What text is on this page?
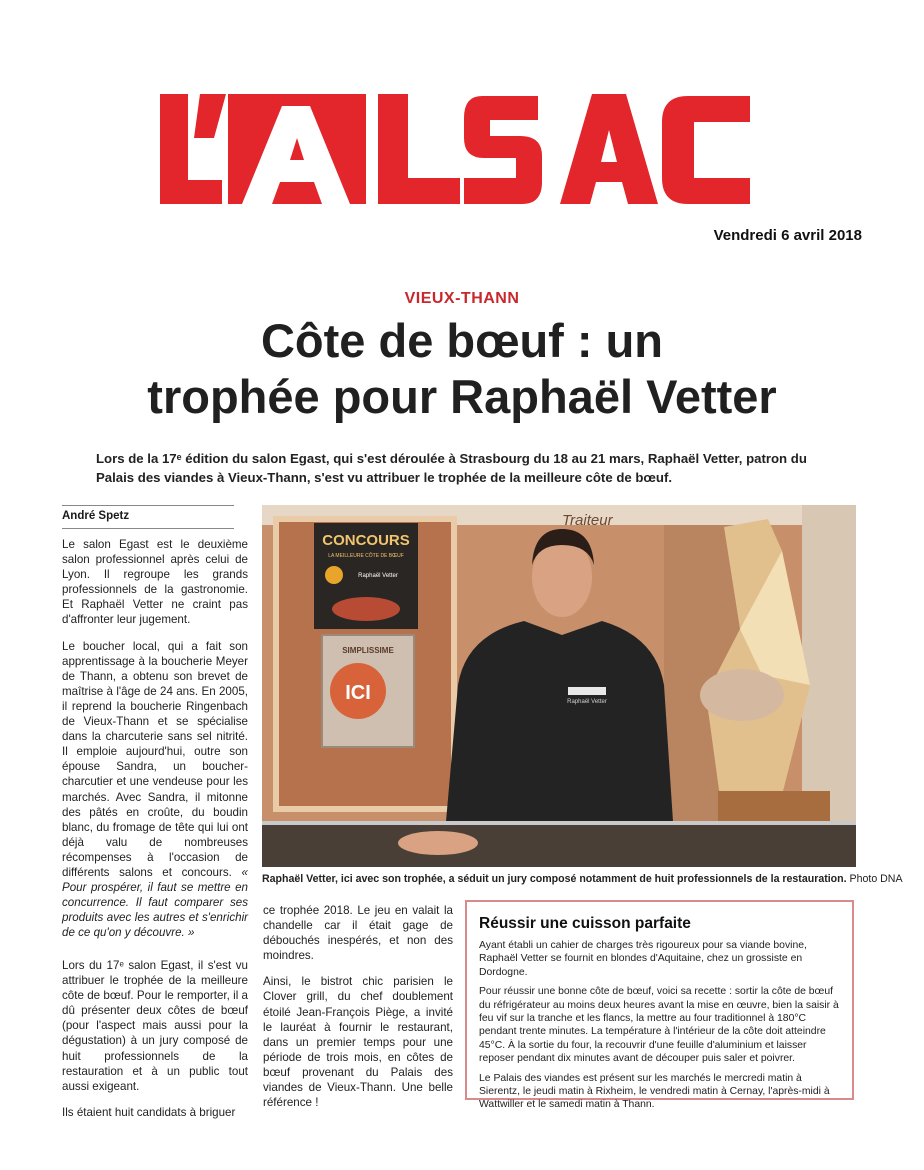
Vendredi 6 avril 2018
VIEUX-THANN
Côte de bœuf : un
trophée pour Raphaël Vetter
Lors de la 17ᵉ édition du salon Egast, qui s'est déroulée à Strasbourg du 18 au 21 mars, Raphaël Vetter, patron du Palais des viandes à Vieux-Thann, s'est vu attribuer le trophée de la meilleure côte de bœuf.
André Spetz

Le salon Egast est le deuxième salon professionnel après celui de Lyon. Il regroupe les grands professionnels de la gastronomie. Et Raphaël Vetter ne craint pas d'affronter leur jugement.

Le boucher local, qui a fait son apprentissage à la boucherie Meyer de Thann, a obtenu son brevet de maîtrise à l'âge de 24 ans. En 2005, il reprend la boucherie Ringenbach de Vieux-Thann et se spécialise dans la charcuterie sans sel nitrité. Il emploie aujourd'hui, outre son épouse Sandra, un boucher-charcutier et une vendeuse pour les marchés. Avec Sandra, il mitonne des pâtés en croûte, du boudin blanc, du fromage de tête qui lui ont déjà valu de nombreuses récompenses à l'occasion de différents salons et concours. « Pour prospérer, il faut se mettre en concurrence. Il faut comparer ses produits avec les autres et s'enrichir de ce qu'on y découvre. »

Lors du 17ᵉ salon Egast, il s'est vu attribuer le trophée de la meilleure côte de bœuf. Pour le remporter, il a dû présenter deux côtes de bœuf (pour l'aspect mais aussi pour la dégustation) à un jury composé de huit professionnels de la restauration et à un public tout aussi exigeant.

Ils étaient huit candidats à briguer

ce trophée 2018. Le jeu en valait la chandelle car il était gage de débouchés inespérés, et non des moindres.

Ainsi, le bistrot chic parisien le Clover grill, du chef doublement étoilé Jean-François Piège, a invité le lauréat à fournir le restaurant, dans un premier temps pour une période de trois mois, en côtes de bœuf provenant du Palais des viandes de Vieux-Thann. Une belle référence !

CONCOURS
LA MEILLEURE CÔTE DE BŒUF
Raphaël Vetter
SIMPLISSIME
ICI
Traiteur
Raphaël Vetter
Raphaël Vetter, ici avec son trophée, a séduit un jury composé notamment de huit professionnels de la restauration. Photo DNA
Réussir une cuisson parfaite

Ayant établi un cahier de charges très rigoureux pour sa viande bovine, Raphaël Vetter se fournit en blondes d'Aquitaine, chez un grossiste en Dordogne.

Pour réussir une bonne côte de bœuf, voici sa recette : sortir la côte de bœuf du réfrigérateur au moins deux heures avant la mise en œuvre, bien la saisir à feu vif sur la tranche et les flancs, la mettre au four traditionnel à 180°C pendant trente minutes. La température à l'intérieur de la côte doit atteindre 45°C. À la sortie du four, la recouvrir d'une feuille d'aluminium et laisser reposer pendant dix minutes avant de découper puis saler et poivrer.

Le Palais des viandes est présent sur les marchés le mercredi matin à Sierentz, le jeudi matin à Rixheim, le vendredi matin à Cernay, l'après-midi à Wattwiller et le samedi matin à Thann.
